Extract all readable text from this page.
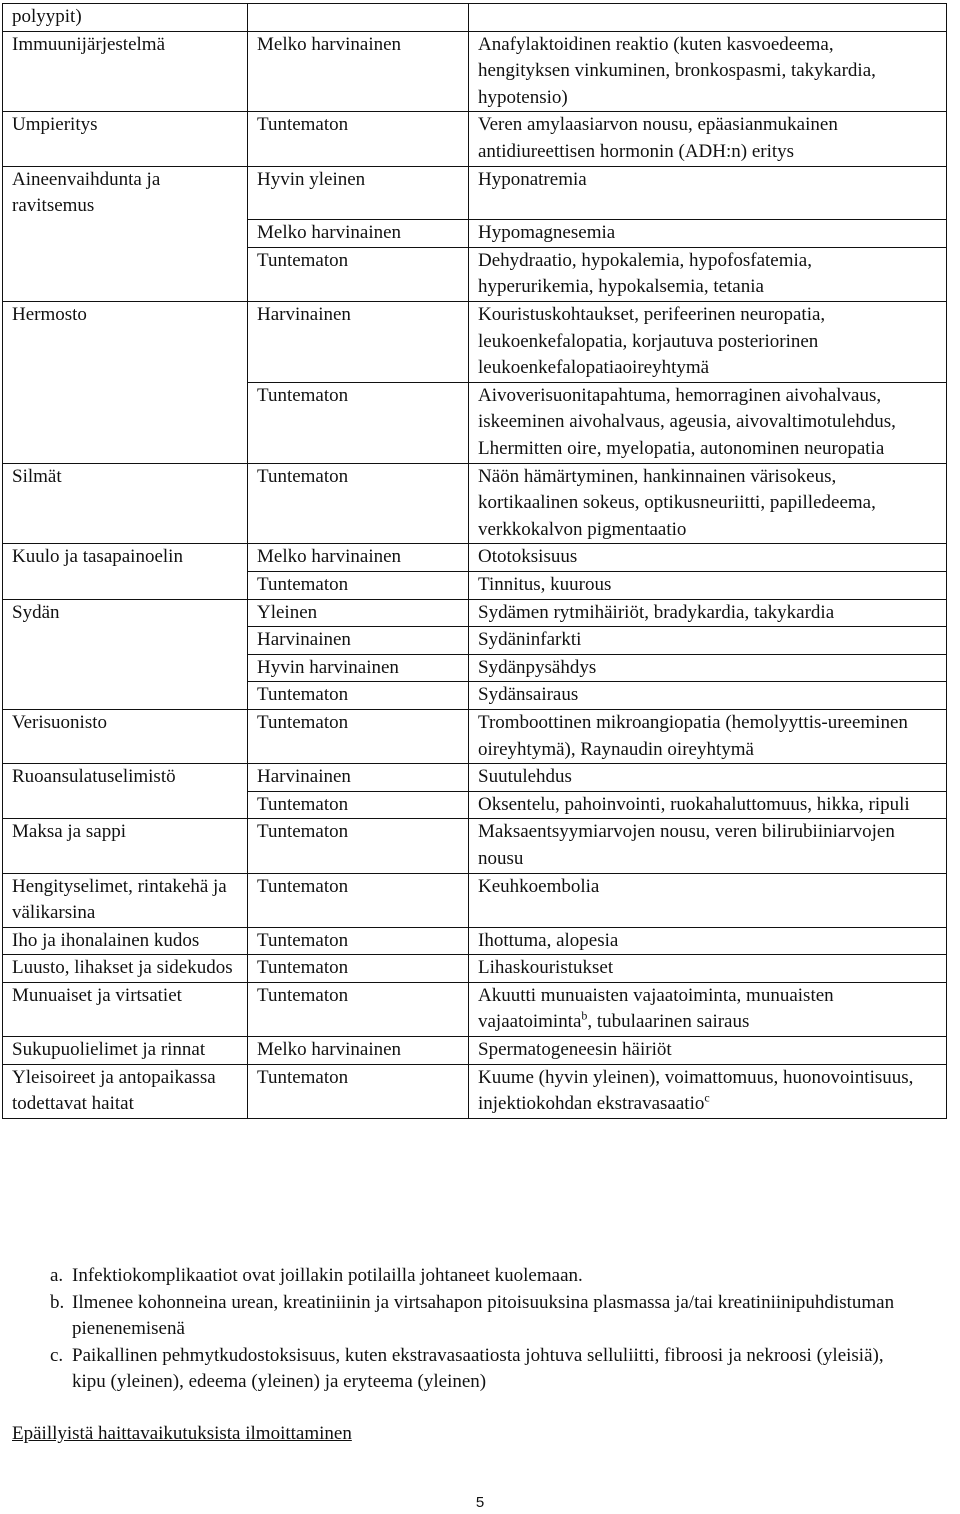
polyypit)		
Immuunijärjestelmä	Melko harvinainen	Anafylaktoidinen reaktio (kuten kasvoedeema, hengityksen vinkuminen, bronkospasmi, takykardia, hypotensio)
Umpieritys	Tuntematon	Veren amylaasiarvon nousu, epäasianmukainen antidiureettisen hormonin (ADH:n) eritys
Aineenvaihdunta ja ravitsemus	Hyvin yleinen	Hyponatremia
	Melko harvinainen	Hypomagnesemia
	Tuntematon	Dehydraatio, hypokalemia, hypofosfatemia, hyperurikemia, hypokalsemia, tetania
Hermosto	Harvinainen	Kouristuskohtaukset, perifeerinen neuropatia, leukoenkefalopatia, korjautuva posteriorinen leukoenkefalopatiaoireyhtymä
	Tuntematon	Aivoverisuonitapahtuma, hemorraginen aivohalvaus, iskeeminen aivohalvaus, ageusia, aivovaltimotulehdus, Lhermitten oire, myelopatia, autonominen neuropatia
Silmät	Tuntematon	Näön hämärtyminen, hankinnainen värisokeus, kortikaalinen sokeus, optikusneuriitti, papilledeema, verkkokalvon pigmentaatio
Kuulo ja tasapainoelin	Melko harvinainen	Ototoksisuus
	Tuntematon	Tinnitus, kuurous
Sydän	Yleinen	Sydämen rytmihäiriöt, bradykardia, takykardia
	Harvinainen	Sydäninfarkti
	Hyvin harvinainen	Sydänpysähdys
	Tuntematon	Sydänsairaus
Verisuonisto	Tuntematon	Tromboottinen mikroangiopatia (hemolyyttis-ureeminen oireyhtymä), Raynaudin oireyhtymä
Ruoansulatuselimistö	Harvinainen	Suutulehdus
	Tuntematon	Oksentelu, pahoinvointi, ruokahaluttomuus, hikka, ripuli
Maksa ja sappi	Tuntematon	Maksaentsyymiarvojen nousu, veren bilirubiiniarvojen nousu
Hengityselimet, rintakehä ja välikarsina	Tuntematon	Keuhkoembolia
Iho ja ihonalainen kudos	Tuntematon	Ihottuma, alopesia
Luusto, lihakset ja sidekudos	Tuntematon	Lihaskouristukset
Munuaiset ja virtsatiet	Tuntematon	Akuutti munuaisten vajaatoiminta, munuaisten vajaatoiminta$^b$, tubulaarinen sairaus
Sukupuolielimet ja rinnat	Melko harvinainen	Spermatogeneesin häiriöt
Yleisoireet ja antopaikassa todettavat haitat	Tuntematon	Kuume (hyvin yleinen), voimattomuus, huonovointisuus, injektiokohdan ekstravasaatio$^c$
a. Infektiokomplikaatiot ovat joillakin potilailla johtaneet kuolemaan.
b. Ilmenee kohonneina urean, kreatiniinin ja virtsahapon pitoisuuksina plasmassa ja/tai kreatiniinipuhdistuman pienenemisenä
c. Paikallinen pehmytkudostoksisuus, kuten ekstravasaatiosta johtuva selluliitti, fibroosi ja nekroosi (yleisiä), kipu (yleinen), edeema (yleinen) ja eryteema (yleinen)
Epäillyistä haittavaikutuksista ilmoittaminen
5
